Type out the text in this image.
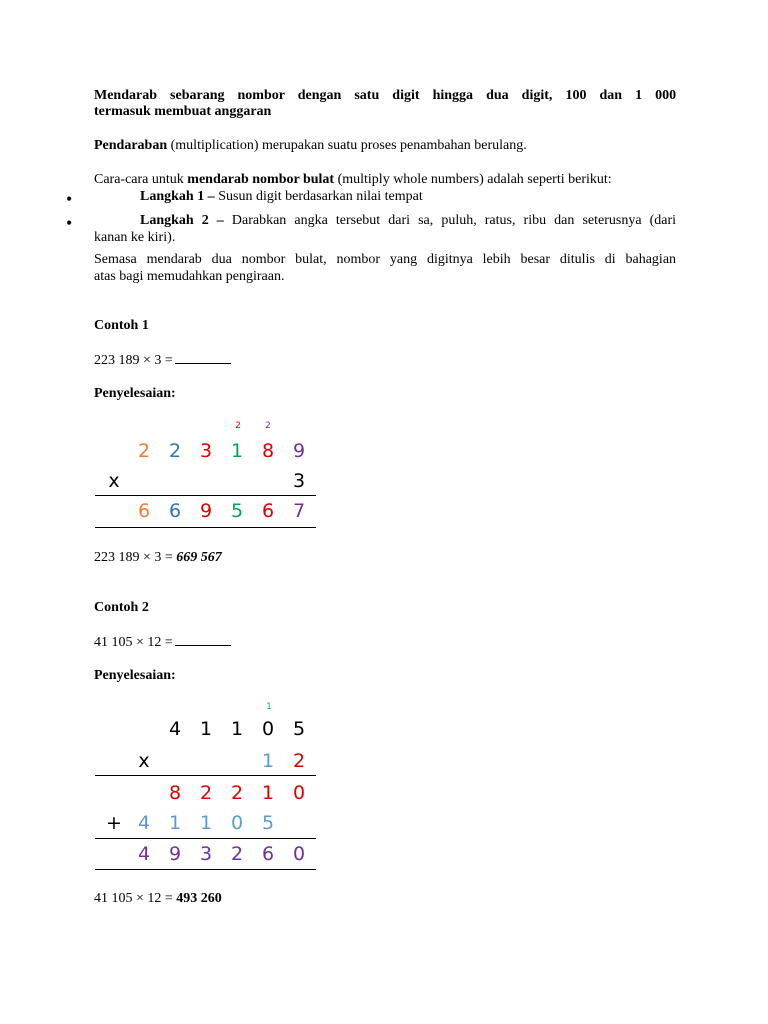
Mendarab sebarang nombor dengan satu digit hingga dua digit, 100 dan 1 000
termasuk membuat anggaran
Pendaraban (multiplication) merupakan suatu proses penambahan berulang.
Cara-cara untuk mendarab nombor bulat (multiply whole numbers) adalah seperti berikut:
•	Langkah 1 – Susun digit berdasarkan nilai tempat
•	Langkah 2 – Darabkan angka tersebut dari sa, puluh, ratus, ribu dan seterusnya (dari
kanan ke kiri).
Semasa mendarab dua nombor bulat, nombor yang digitnya lebih besar ditulis di bahagian
atas bagi memudahkan pengiraan.
Contoh 1
223 189 × 3 =
Penyelesaian:
2	2
2 2 3 1 8 9
x	3
6 6 9 5 6 7
223 189 × 3 = 669 567
Contoh 2
41 105 × 12 =
Penyelesaian:
1
4 1 1 0 5
x	1 2
8 2 2 1 0
+ 4 1 1 0 5
4 9 3 2 6 0
41 105 × 12 = 493 260
